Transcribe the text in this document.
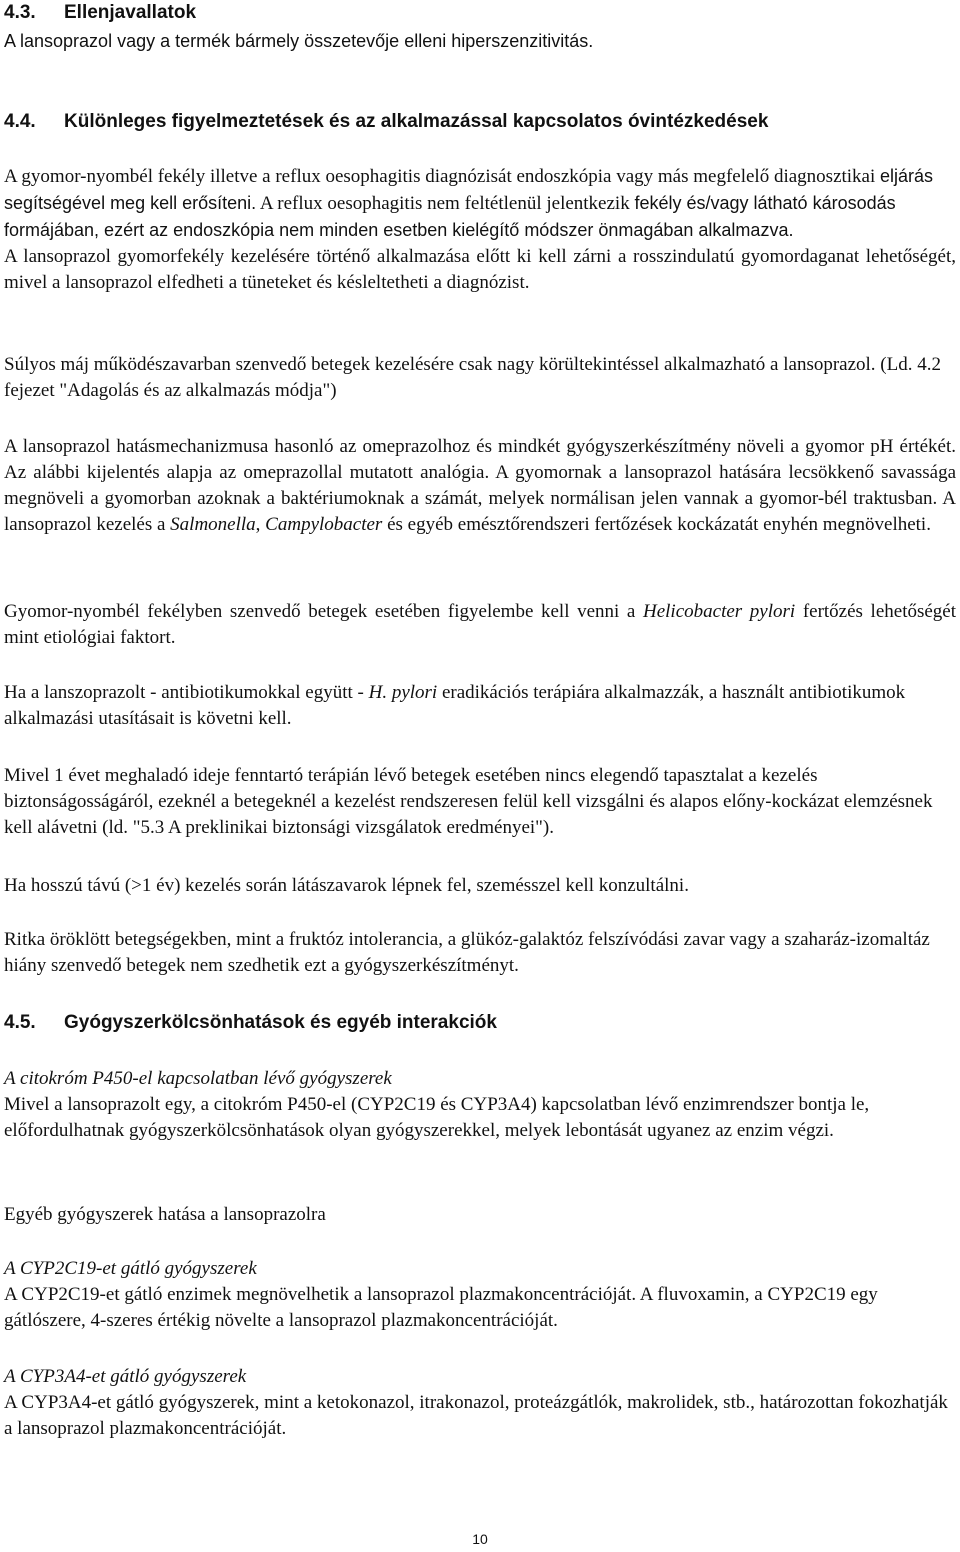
4.3. Ellenjavallatok

A lansoprazol vagy a termék bármely összetevője elleni hiperszenzitivitás.

4.4. Különleges figyelmeztetések és az alkalmazással kapcsolatos óvintézkedések

A gyomor-nyombél fekély illetve a reflux oesophagitis diagnózisát endoszkópia vagy más megfelelő diagnosztikai eljárás segítségével meg kell erősíteni. A reflux oesophagitis nem feltétlenül jelentkezik fekély és/vagy látható károsodás formájában, ezért az endoszkópia nem minden esetben kielégítő módszer önmagában alkalmazva.

A lansoprazol gyomorfekély kezelésére történő alkalmazása előtt ki kell zárni a rosszindulatú gyomordaganat lehetőségét, mivel a lansoprazol elfedheti a tüneteket és késleltetheti a diagnózist.

Súlyos máj működészavarban szenvedő betegek kezelésére csak nagy körültekintéssel alkalmazható a lansoprazol. (Ld. 4.2 fejezet "Adagolás és az alkalmazás módja")

A lansoprazol hatásmechanizmusa hasonló az omeprazolhoz és mindkét gyógyszerkészítmény növeli a gyomor pH értékét. Az alábbi kijelentés alapja az omeprazollal mutatott analógia. A gyomornak a lansoprazol hatására lecsökkenő savassága megnöveli a gyomorban azoknak a baktériumoknak a számát, melyek normálisan jelen vannak a gyomor-bél traktusban. A lansoprazol kezelés a Salmonella, Campylobacter és egyéb emésztőrendszeri fertőzések kockázatát enyhén megnövelheti.

Gyomor-nyombél fekélyben szenvedő betegek esetében figyelembe kell venni a Helicobacter pylori fertőzés lehetőségét mint etiológiai faktort.

Ha a lanszoprazolt - antibiotikumokkal együtt - H. pylori eradikációs terápiára alkalmazzák, a használt antibiotikumok alkalmazási utasításait is követni kell.

Mivel 1 évet meghaladó ideje fenntartó terápián lévő betegek esetében nincs elegendő tapasztalat a kezelés biztonságosságáról, ezeknél a betegeknél a kezelést rendszeresen felül kell vizsgálni és alapos előny-kockázat elemzésnek kell alávetni (ld. "5.3 A preklinikai biztonsági vizsgálatok eredményei").

Ha hosszú távú (>1 év) kezelés során látászavarok lépnek fel, szemésszel kell konzultálni.

Ritka öröklött betegségekben, mint a fruktóz intolerancia, a glükóz-galaktóz felszívódási zavar vagy a szaharáz-izomaltáz hiány szenvedő betegek nem szedhetik ezt a gyógyszerkészítményt.

4.5. Gyógyszerkölcsönhatások és egyéb interakciók

A citokróm P450-el kapcsolatban lévő gyógyszerek

Mivel a lansoprazolt egy, a citokróm P450-el (CYP2C19 és CYP3A4) kapcsolatban lévő enzimrendszer bontja le, előfordulhatnak gyógyszerkölcsönhatások olyan gyógyszerekkel, melyek lebontását ugyanez az enzim végzi.

Egyéb gyógyszerek hatása a lansoprazolra

A CYP2C19-et gátló gyógyszerek

A CYP2C19-et gátló enzimek megnövelhetik a lansoprazol plazmakoncentrációját. A fluvoxamin, a CYP2C19 egy gátlószere, 4-szeres értékig növelte a lansoprazol plazmakoncentrációját.

A CYP3A4-et gátló gyógyszerek

A CYP3A4-et gátló gyógyszerek, mint a ketokonazol, itrakonazol, proteázgátlók, makrolidek, stb., határozottan fokozhatják a lansoprazol plazmakoncentrációját.

10
